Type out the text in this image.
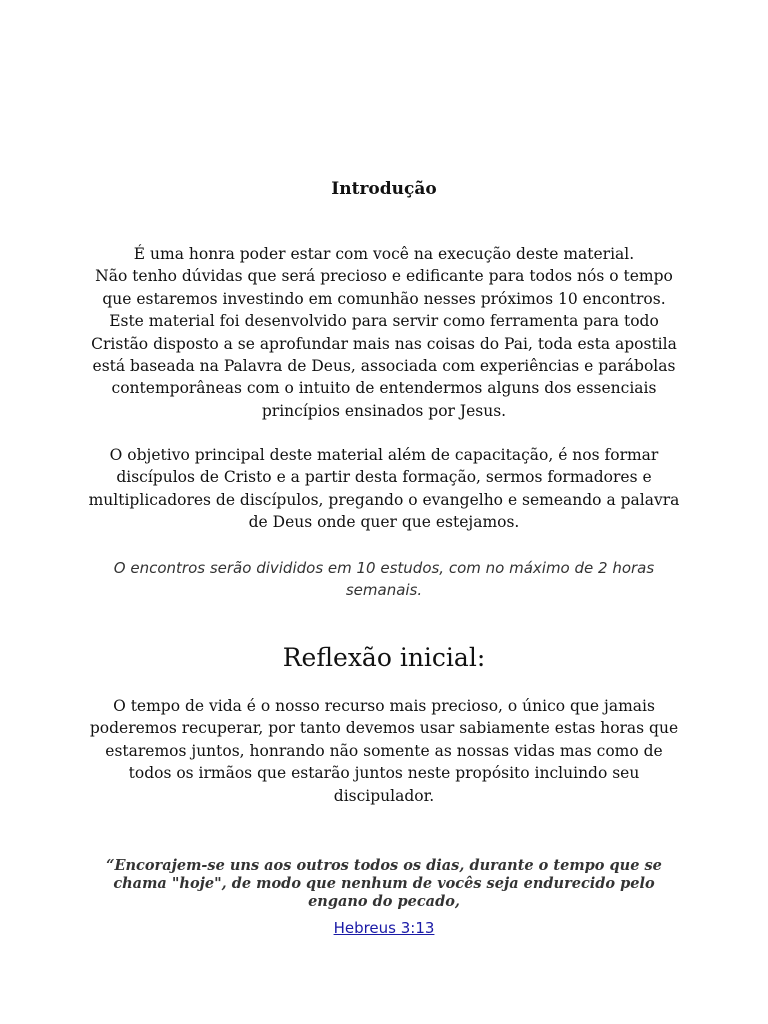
Introdução
É uma honra poder estar com você na execução deste material.
Não tenho dúvidas que será precioso e edificante para todos nós o tempo
que estaremos investindo em comunhão nesses próximos 10 encontros.
Este material foi desenvolvido para servir como ferramenta para todo
Cristão disposto a se aprofundar mais nas coisas do Pai, toda esta apostila
está baseada na Palavra de Deus, associada com experiências e parábolas
contemporâneas com o intuito de entendermos alguns dos essenciais
princípios ensinados por Jesus.
O objetivo principal deste material além de capacitação, é nos formar
discípulos de Cristo e a partir desta formação, sermos formadores e
multiplicadores de discípulos, pregando o evangelho e semeando a palavra
de Deus onde quer que estejamos.
O encontros serão divididos em 10 estudos, com no máximo de 2 horas
semanais.
Reflexão inicial:
O tempo de vida é o nosso recurso mais precioso, o único que jamais
poderemos recuperar, por tanto devemos usar sabiamente estas horas que
estaremos juntos, honrando não somente as nossas vidas mas como de
todos os irmãos que estarão juntos neste propósito incluindo seu
discipulador.
“Encorajem-se uns aos outros todos os dias, durante o tempo que se
chama "hoje", de modo que nenhum de vocês seja endurecido pelo
engano do pecado,
Hebreus 3:13
